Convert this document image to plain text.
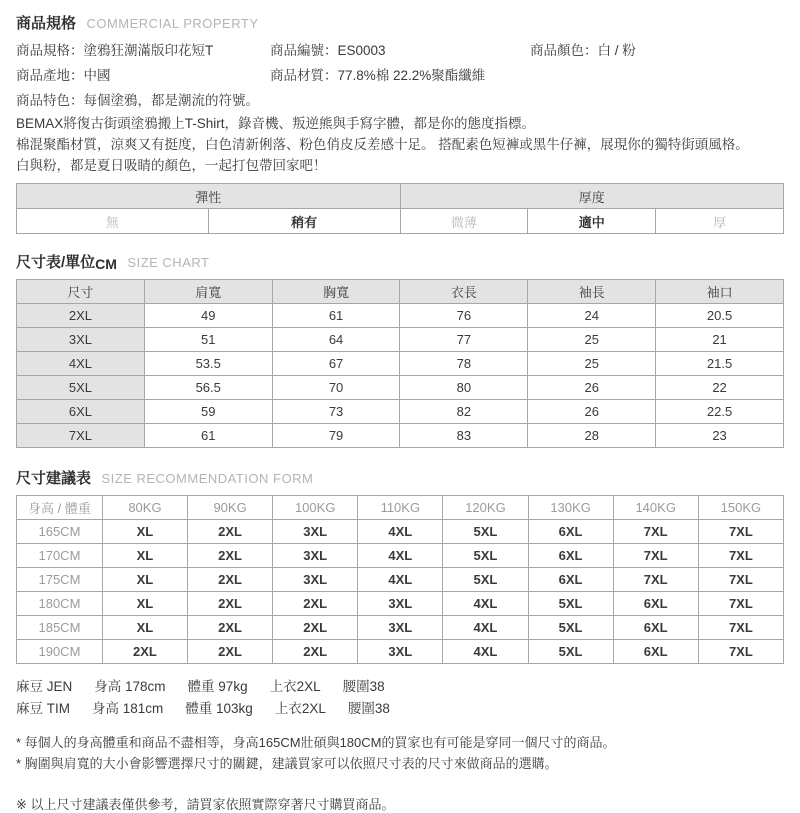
商品規格 COMMERCIAL PROPERTY
商品規格：塗鴉狂潮滿版印花短T	商品編號：ES0003	商品顏色：白 / 粉
商品產地：中國	商品材質：77.8%棉 22.2%聚酯纖維
商品特色：每個塗鴉，都是潮流的符號。
BEMAX將復古街頭塗鴉搬上T-Shirt，錄音機、叛逆熊與手寫字體，都是你的態度指標。
棉混聚酯材質，涼爽又有挺度，白色清新俐落、粉色俏皮反差感十足。 搭配素色短褲或黑牛仔褲，展現你的獨特街頭風格。
白與粉，都是夏日吸睛的顏色，一起打包帶回家吧！
彈性		厚度		
無	稍有	微薄	適中	厚
尺寸表/單位CM SIZE CHART
尺寸	肩寬	胸寬	衣長	袖長	袖口
2XL	49	61	76	24	20.5
3XL	51	64	77	25	21
4XL	53.5	67	78	25	21.5
5XL	56.5	70	80	26	22
6XL	59	73	82	26	22.5
7XL	61	79	83	28	23
尺寸建議表 SIZE RECOMMENDATION FORM
身高 / 體重	80KG	90KG	100KG	110KG	120KG	130KG	140KG	150KG
165CM	XL	2XL	3XL	4XL	5XL	6XL	7XL	7XL
170CM	XL	2XL	3XL	4XL	5XL	6XL	7XL	7XL
175CM	XL	2XL	3XL	4XL	5XL	6XL	7XL	7XL
180CM	XL	2XL	2XL	3XL	4XL	5XL	6XL	7XL
185CM	XL	2XL	2XL	3XL	4XL	5XL	6XL	7XL
190CM	2XL	2XL	2XL	3XL	4XL	5XL	6XL	7XL
麻豆 JEN 身高 178cm 體重 97kg 上衣2XL 腰圍38
麻豆 TIM 身高 181cm 體重 103kg 上衣2XL 腰圍38
* 每個人的身高體重和商品不盡相等，身高165CM壯碩與180CM的買家也有可能是穿同一個尺寸的商品。
* 胸圍與肩寬的大小會影響選擇尺寸的關鍵，建議買家可以依照尺寸表的尺寸來做商品的選購。
※ 以上尺寸建議表僅供參考，請買家依照實際穿著尺寸購買商品。
